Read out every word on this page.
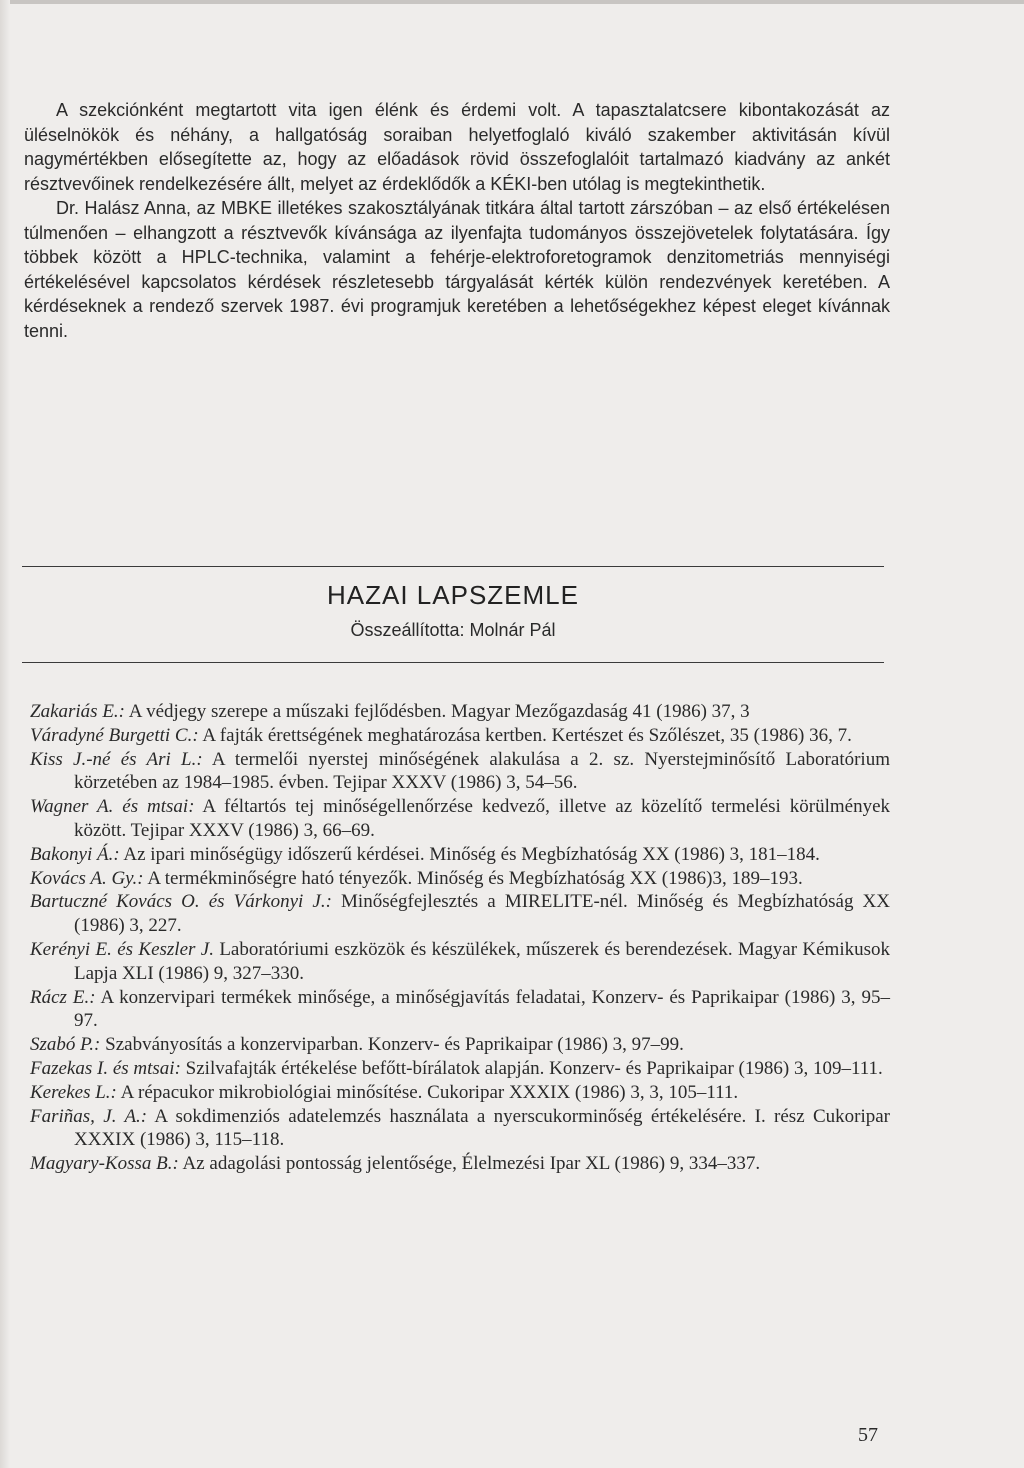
A szekciónként megtartott vita igen élénk és érdemi volt. A tapasztalatcsere kibontakozását az üléselnökök és néhány, a hallgatóság soraiban helyetfoglaló kiváló szakember aktivitásán kívül nagymértékben elősegítette az, hogy az előadások rövid összefoglalóit tartalmazó kiadvány az ankét résztvevőinek rendelkezésére állt, melyet az érdeklődők a KÉKI-ben utólag is megtekinthetik.

Dr. Halász Anna, az MBKE illetékes szakosztályának titkára által tartott zárszóban – az első értékelésen túlmenően – elhangzott a résztvevők kívánsága az ilyenfajta tudományos összejövetelek folytatására. Így többek között a HPLC-technika, valamint a fehérje-elektroforetogramok denzitometriás mennyiségi értékelésével kapcsolatos kérdések részletesebb tárgyalását kérték külön rendezvények keretében. A kérdéseknek a rendező szervek 1987. évi programjuk keretében a lehetőségekhez képest eleget kívánnak tenni.

HAZAI LAPSZEMLE
Összeállította: Molnár Pál

Zakariás E.: A védjegy szerepe a műszaki fejlődésben. Magyar Mezőgazdaság 41 (1986) 37, 3

Váradyné Burgetti C.: A fajták érettségének meghatározása kertben. Kertészet és Szőlészet, 35 (1986) 36, 7.

Kiss J.-né és Ari L.: A termelői nyerstej minőségének alakulása a 2. sz. Nyerstejminősítő Laboratórium körzetében az 1984–1985. évben. Tejipar XXXV (1986) 3, 54–56.

Wagner A. és mtsai: A féltartós tej minőségellenőrzése kedvező, illetve az közelítő termelési körülmények között. Tejipar XXXV (1986) 3, 66–69.

Bakonyi Á.: Az ipari minőségügy időszerű kérdései. Minőség és Megbízhatóság XX (1986) 3, 181–184.

Kovács A. Gy.: A termékminőségre ható tényezők. Minőség és Megbízhatóság XX (1986)3, 189–193.

Bartuczné Kovács O. és Várkonyi J.: Minőségfejlesztés a MIRELITE-nél. Minőség és Megbízhatóság XX (1986) 3, 227.

Kerényi E. és Keszler J. Laboratóriumi eszközök és készülékek, műszerek és berendezések. Magyar Kémikusok Lapja XLI (1986) 9, 327–330.

Rácz E.: A konzervipari termékek minősége, a minőségjavítás feladatai, Konzerv- és Paprikaipar (1986) 3, 95–97.

Szabó P.: Szabványosítás a konzerviparban. Konzerv- és Paprikaipar (1986) 3, 97–99.

Fazekas I. és mtsai: Szilvafajták értékelése befőtt-bírálatok alapján. Konzerv- és Paprikaipar (1986) 3, 109–111.

Kerekes L.: A répacukor mikrobiológiai minősítése. Cukoripar XXXIX (1986) 3, 3, 105–111.

Fariñas, J. A.: A sokdimenziós adatelemzés használata a nyerscukorminőség értékelésére. I. rész Cukoripar XXXIX (1986) 3, 115–118.

Magyary-Kossa B.: Az adagolási pontosság jelentősége, Élelmezési Ipar XL (1986) 9, 334–337.

57
